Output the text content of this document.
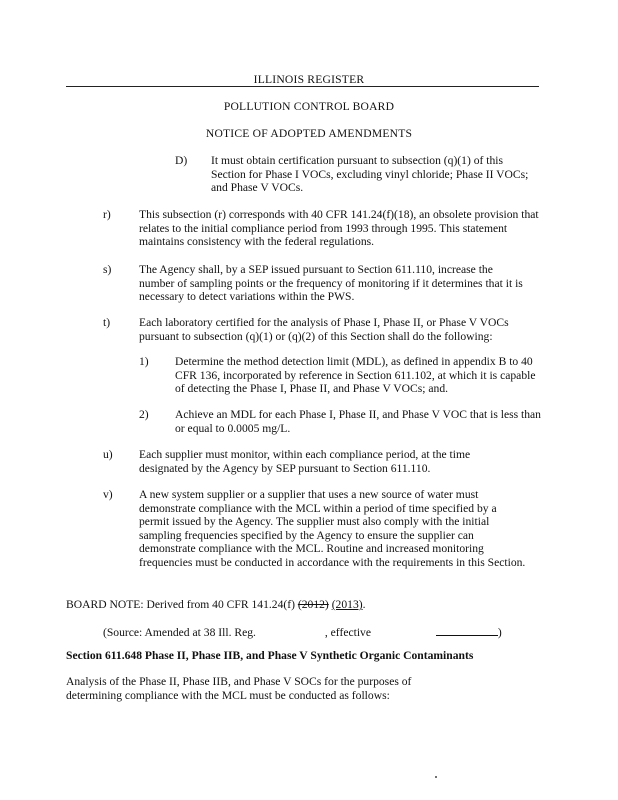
ILLINOIS REGISTER
POLLUTION CONTROL BOARD
NOTICE OF ADOPTED AMENDMENTS
D) It must obtain certification pursuant to subsection (q)(1) of this Section for Phase I VOCs, excluding vinyl chloride; Phase II VOCs; and Phase V VOCs.
r) This subsection (r) corresponds with 40 CFR 141.24(f)(18), an obsolete provision that relates to the initial compliance period from 1993 through 1995. This statement maintains consistency with the federal regulations.
s) The Agency shall, by a SEP issued pursuant to Section 611.110, increase the number of sampling points or the frequency of monitoring if it determines that it is necessary to detect variations within the PWS.
t) Each laboratory certified for the analysis of Phase I, Phase II, or Phase V VOCs pursuant to subsection (q)(1) or (q)(2) of this Section shall do the following:
1) Determine the method detection limit (MDL), as defined in appendix B to 40 CFR 136, incorporated by reference in Section 611.102, at which it is capable of detecting the Phase I, Phase II, and Phase V VOCs; and.
2) Achieve an MDL for each Phase I, Phase II, and Phase V VOC that is less than or equal to 0.0005 mg/L.
u) Each supplier must monitor, within each compliance period, at the time designated by the Agency by SEP pursuant to Section 611.110.
v) A new system supplier or a supplier that uses a new source of water must demonstrate compliance with the MCL within a period of time specified by a permit issued by the Agency. The supplier must also comply with the initial sampling frequencies specified by the Agency to ensure the supplier can demonstrate compliance with the MCL. Routine and increased monitoring frequencies must be conducted in accordance with the requirements in this Section.
BOARD NOTE: Derived from 40 CFR 141.24(f) (2012) (2013).
(Source: Amended at 38 Ill. Reg.	, effective	)
Section 611.648 Phase II, Phase IIB, and Phase V Synthetic Organic Contaminants
Analysis of the Phase II, Phase IIB, and Phase V SOCs for the purposes of determining compliance with the MCL must be conducted as follows:
